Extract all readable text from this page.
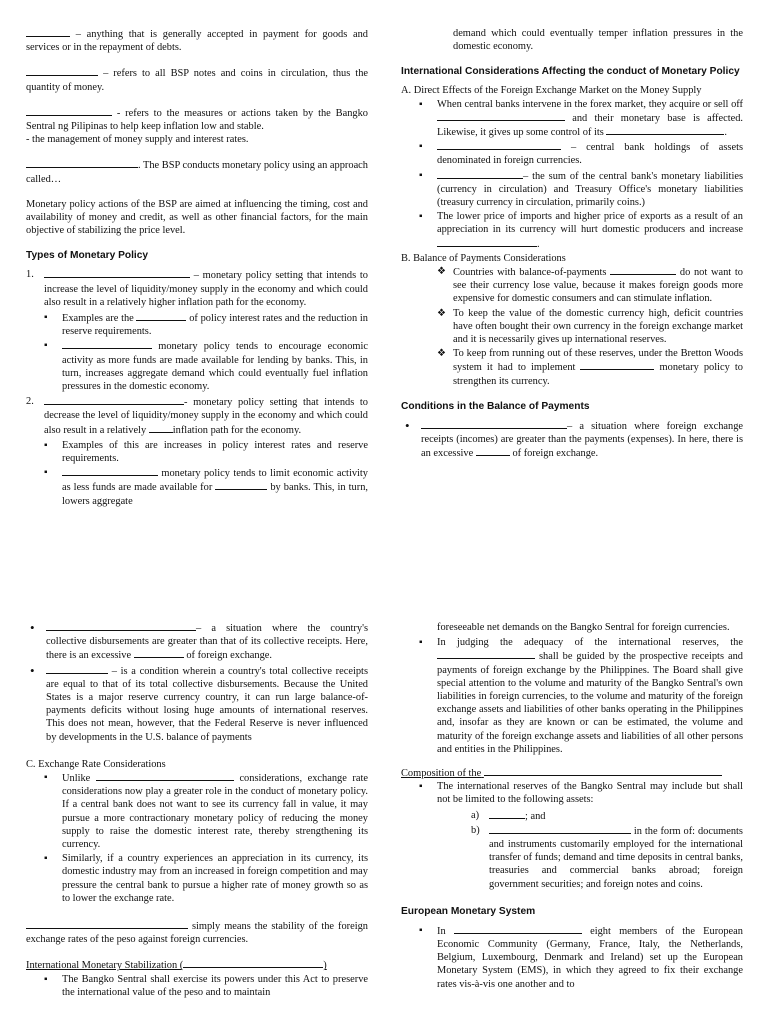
– anything that is generally accepted in payment for goods and services or in the repayment of debts.

– refers to all BSP notes and coins in circulation, thus the quantity of money.

- refers to the measures or actions taken by the Bangko Sentral ng Pilipinas to help keep inflation low and stable.

- the management of money supply and interest rates.

. The BSP conducts monetary policy using an approach called…

Monetary policy actions of the BSP are aimed at influencing the timing, cost and availability of money and credit, as well as other financial factors, for the main objective of stabilizing the price level.

Types of Monetary Policy
1.	– monetary policy setting that intends to increase the level of liquidity/money supply in the economy and which could also result in a relatively higher inflation path for the economy.
▪ Examples are the	of policy interest rates and the reduction in reserve requirements.
▪ monetary policy tends to encourage economic activity as more funds are made available for lending by banks. This, in turn, increases aggregate demand which could eventually fuel inflation pressures in the domestic economy.
2.	- monetary policy setting that intends to decrease the level of liquidity/money supply in the economy and which could also result in a relatively	inflation path for the economy.
▪ Examples of this are increases in policy interest rates and reserve requirements.
▪ monetary policy tends to limit economic activity as less funds are made available for	by banks. This, in turn, lowers aggregate

demand which could eventually temper inflation pressures in the domestic economy.

International Considerations Affecting the conduct of Monetary Policy
A. Direct Effects of the Foreign Exchange Market on the Money Supply
▪ When central banks intervene in the forex market, they acquire or sell off  and their monetary base is affected. Likewise, it gives up some control of its	.
▪ – central bank holdings of assets denominated in foreign currencies.
▪ – the sum of the central bank's monetary liabilities (currency in circulation) and Treasury Office's monetary liabilities (treasury currency in circulation, primarily coins.)
▪ The lower price of imports and higher price of exports as a result of an appreciation in its currency will hurt domestic producers and increase .
B. Balance of Payments Considerations
❖ Countries with balance-of-payments	do not want to see their currency lose value, because it makes foreign goods more expensive for domestic consumers and can stimulate inflation.
❖ To keep the value of the domestic currency high, deficit countries have often bought their own currency in the foreign exchange market and it is necessarily gives up international reserves.
❖ To keep from running out of these reserves, under the Bretton Woods system it had to implement	monetary policy to strengthen its currency.
Conditions in the Balance of Payments
• – a situation where foreign exchange receipts (incomes) are greater than the payments (expenses). In here, there is an excessive	of foreign exchange.
• – a situation where the country's collective disbursements are greater than that of its collective receipts. Here, there is an excessive	of foreign exchange.
• – is a condition wherein a country's total collective receipts are equal to that of its total collective disbursements. Because the United States is a major reserve currency country, it can run large balance-of-payments deficits without losing huge amounts of international reserves. This does not mean, however, that the Federal Reserve is never influenced by developments in the U.S. balance of payments
C. Exchange Rate Considerations
▪ Unlike	considerations, exchange rate considerations now play a greater role in the conduct of monetary policy. If a central bank does not want to see its currency fall in value, it may pursue a more contractionary monetary policy of reducing the money supply to raise the domestic interest rate, thereby strengthening its currency.
▪ Similarly, if a country experiences an appreciation in its currency, its domestic industry may from an increased in foreign competition and may pressure the central bank to pursue a higher rate of money growth so as to lower the exchange rate.

simply means the stability of the foreign exchange rates of the peso against foreign currencies.

International Monetary Stabilization (	)
▪ The Bangko Sentral shall exercise its powers under this Act to preserve the international value of the peso and to maintain

foreseeable net demands on the Bangko Sentral for foreign currencies.

▪ In judging the adequacy of the international reserves, the  shall be guided by the prospective receipts and payments of foreign exchange by the Philippines. The Board shall give special attention to the volume and maturity of the Bangko Sentral's own liabilities in foreign currencies, to the volume and maturity of the foreign exchange assets and liabilities of other banks operating in the Philippines and, insofar as they are known or can be estimated, the volume and maturity of the foreign exchange assets and liabilities of all other persons and entities in the Philippines.
Composition of the
▪ The international reserves of the Bangko Sentral may include but shall not be limited to the following assets:
a)	; and
b)	in the form of: documents and instruments customarily employed for the international transfer of funds; demand and time deposits in central banks, treasuries and commercial banks abroad; foreign government securities; and foreign notes and coins.
European Monetary System
▪ In	eight members of the European Economic Community (Germany, France, Italy, the Netherlands, Belgium, Luxembourg, Denmark and Ireland) set up the European Monetary System (EMS), in which they agreed to fix their exchange rates vis-à-vis one another and to
